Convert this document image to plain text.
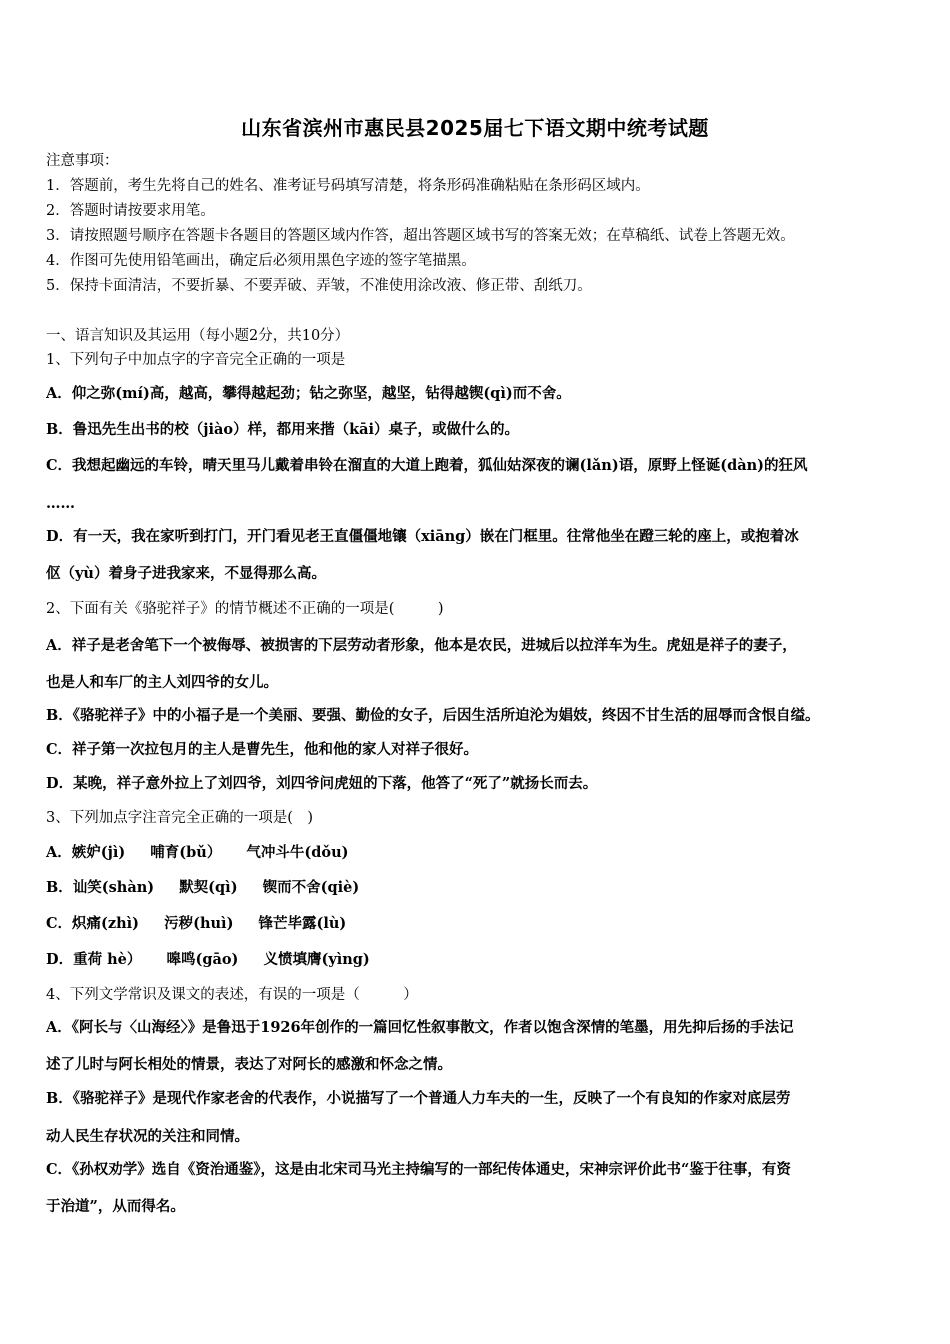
山东省滨州市惠民县2025届七下语文期中统考试题
注意事项：
1．答题前，考生先将自己的姓名、准考证号码填写清楚，将条形码准确粘贴在条形码区域内。
2．答题时请按要求用笔。
3．请按照题号顺序在答题卡各题目的答题区域内作答，超出答题区域书写的答案无效；在草稿纸、试卷上答题无效。
4．作图可先使用铅笔画出，确定后必须用黑色字迹的签字笔描黑。
5．保持卡面清洁，不要折暴、不要弄破、弄皱，不准使用涂改液、修正带、刮纸刀。
一、语言知识及其运用（每小题2分，共10分）
1、下列句子中加点字的字音完全正确的一项是
A．仰之弥(mí)高，越高，攀得越起劲；钻之弥坚，越坚，钻得越锲(qì)而不舍。
B．鲁迅先生出书的校（jiào）样，都用来揩（kāi）桌子，或做什么的。
C．我想起幽远的车铃，晴天里马儿戴着串铃在溜直的大道上跑着，狐仙姑深夜的谰(lǎn)语，原野上怪诞(dàn)的狂风
……
D．有一天，我在家听到打门，开门看见老王直僵僵地镶（xiāng）嵌在门框里。往常他坐在蹬三轮的座上，或抱着冰
伛（yù）着身子进我家来，不显得那么高。
2、下面有关《骆驼祥子》的情节概述不正确的一项是(　　　)
A．祥子是老舍笔下一个被侮辱、被损害的下层劳动者形象，他本是农民，进城后以拉洋车为生。虎妞是祥子的妻子，
也是人和车厂的主人刘四爷的女儿。
B．《骆驼祥子》中的小福子是一个美丽、要强、勤俭的女子，后因生活所迫沦为娼妓，终因不甘生活的屈辱而含恨自缢。
C．祥子第一次拉包月的主人是曹先生，他和他的家人对祥子很好。
D．某晚，祥子意外拉上了刘四爷，刘四爷问虎妞的下落，他答了“死了”就扬长而去。
3、下列加点字注音完全正确的一项是(　)
A．嫉妒(jì) 哺育(bǔ） 气冲斗牛(dǒu)
B．讪笑(shàn) 默契(qì) 锲而不舍(qiè)
C．炽痛(zhì) 污秽(huì) 锋芒毕露(lù)
D．重荷 hè） 嗥鸣(gāo) 义愤填膺(yìng)
4、下列文学常识及课文的表述，有误的一项是（　　　）
A．《阿长与〈山海经〉》是鲁迅于1926年创作的一篇回忆性叙事散文，作者以饱含深情的笔墨，用先抑后扬的手法记
述了儿时与阿长相处的情景，表达了对阿长的感激和怀念之情。
B．《骆驼祥子》是现代作家老舍的代表作，小说描写了一个普通人力车夫的一生，反映了一个有良知的作家对底层劳
动人民生存状况的关注和同情。
C．《孙权劝学》选自《资治通鉴》，这是由北宋司马光主持编写的一部纪传体通史，宋神宗评价此书“鉴于往事，有资
于治道”，从而得名。
